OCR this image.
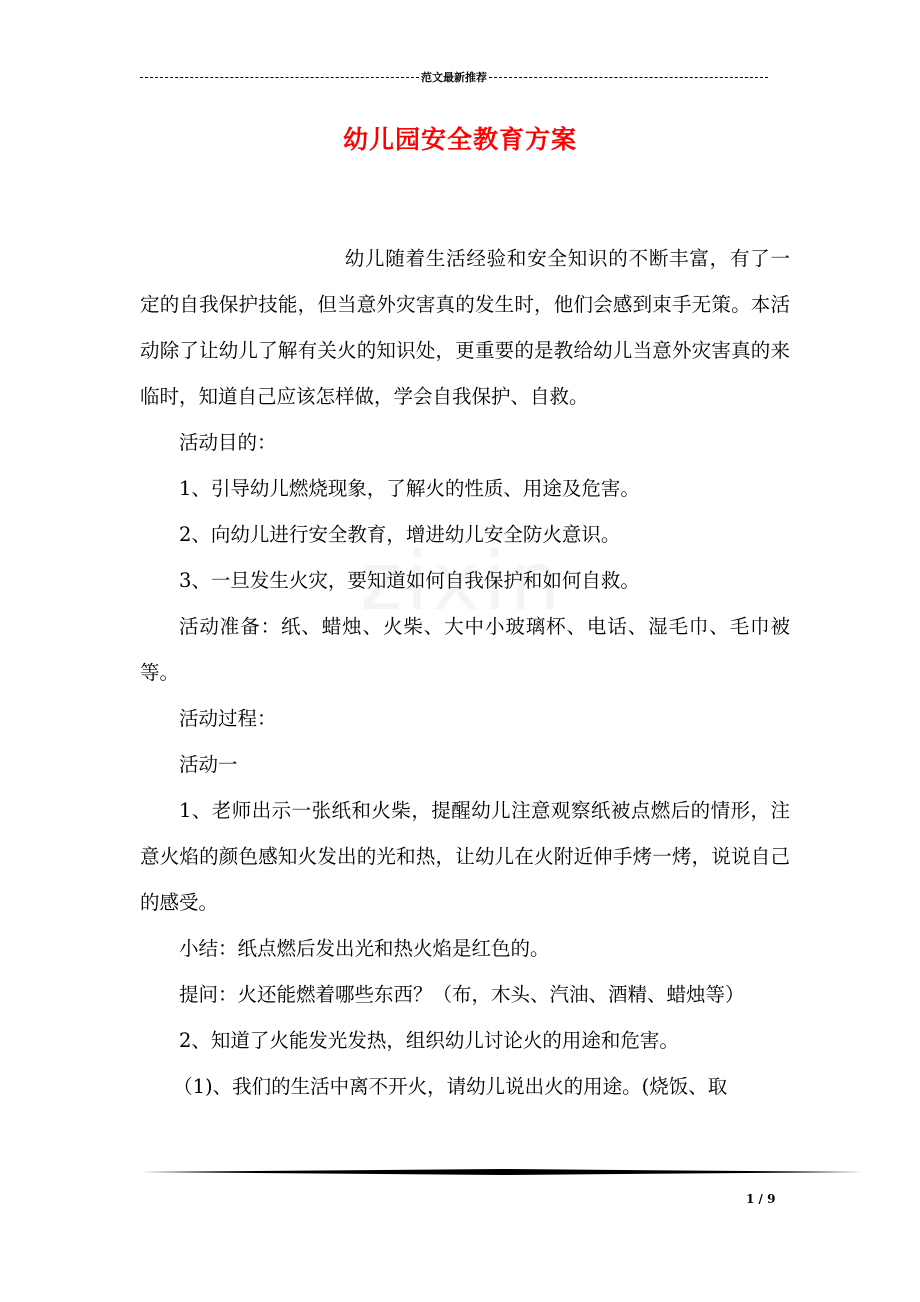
范文最新推荐
幼儿园安全教育方案

幼儿随着生活经验和安全知识的不断丰富，有了一定的自我保护技能，但当意外灾害真的发生时，他们会感到束手无策。本活动除了让幼儿了解有关火的知识处，更重要的是教给幼儿当意外灾害真的来临时，知道自己应该怎样做，学会自我保护、自救。

活动目的：

1、引导幼儿燃烧现象，了解火的性质、用途及危害。

2、向幼儿进行安全教育，增进幼儿安全防火意识。

3、一旦发生火灾，要知道如何自我保护和如何自救。

活动准备：纸、蜡烛、火柴、大中小玻璃杯、电话、湿毛巾、毛巾被等。

活动过程：

活动一

1、老师出示一张纸和火柴，提醒幼儿注意观察纸被点燃后的情形，注意火焰的颜色感知火发出的光和热，让幼儿在火附近伸手烤一烤，说说自己的感受。

小结：纸点燃后发出光和热火焰是红色的。

提问：火还能燃着哪些东西？（布，木头、汽油、酒精、蜡烛等）

2、知道了火能发光发热，组织幼儿讨论火的用途和危害。

（1)、我们的生活中离不开火，请幼儿说出火的用途。(烧饭、取

1 / 9
